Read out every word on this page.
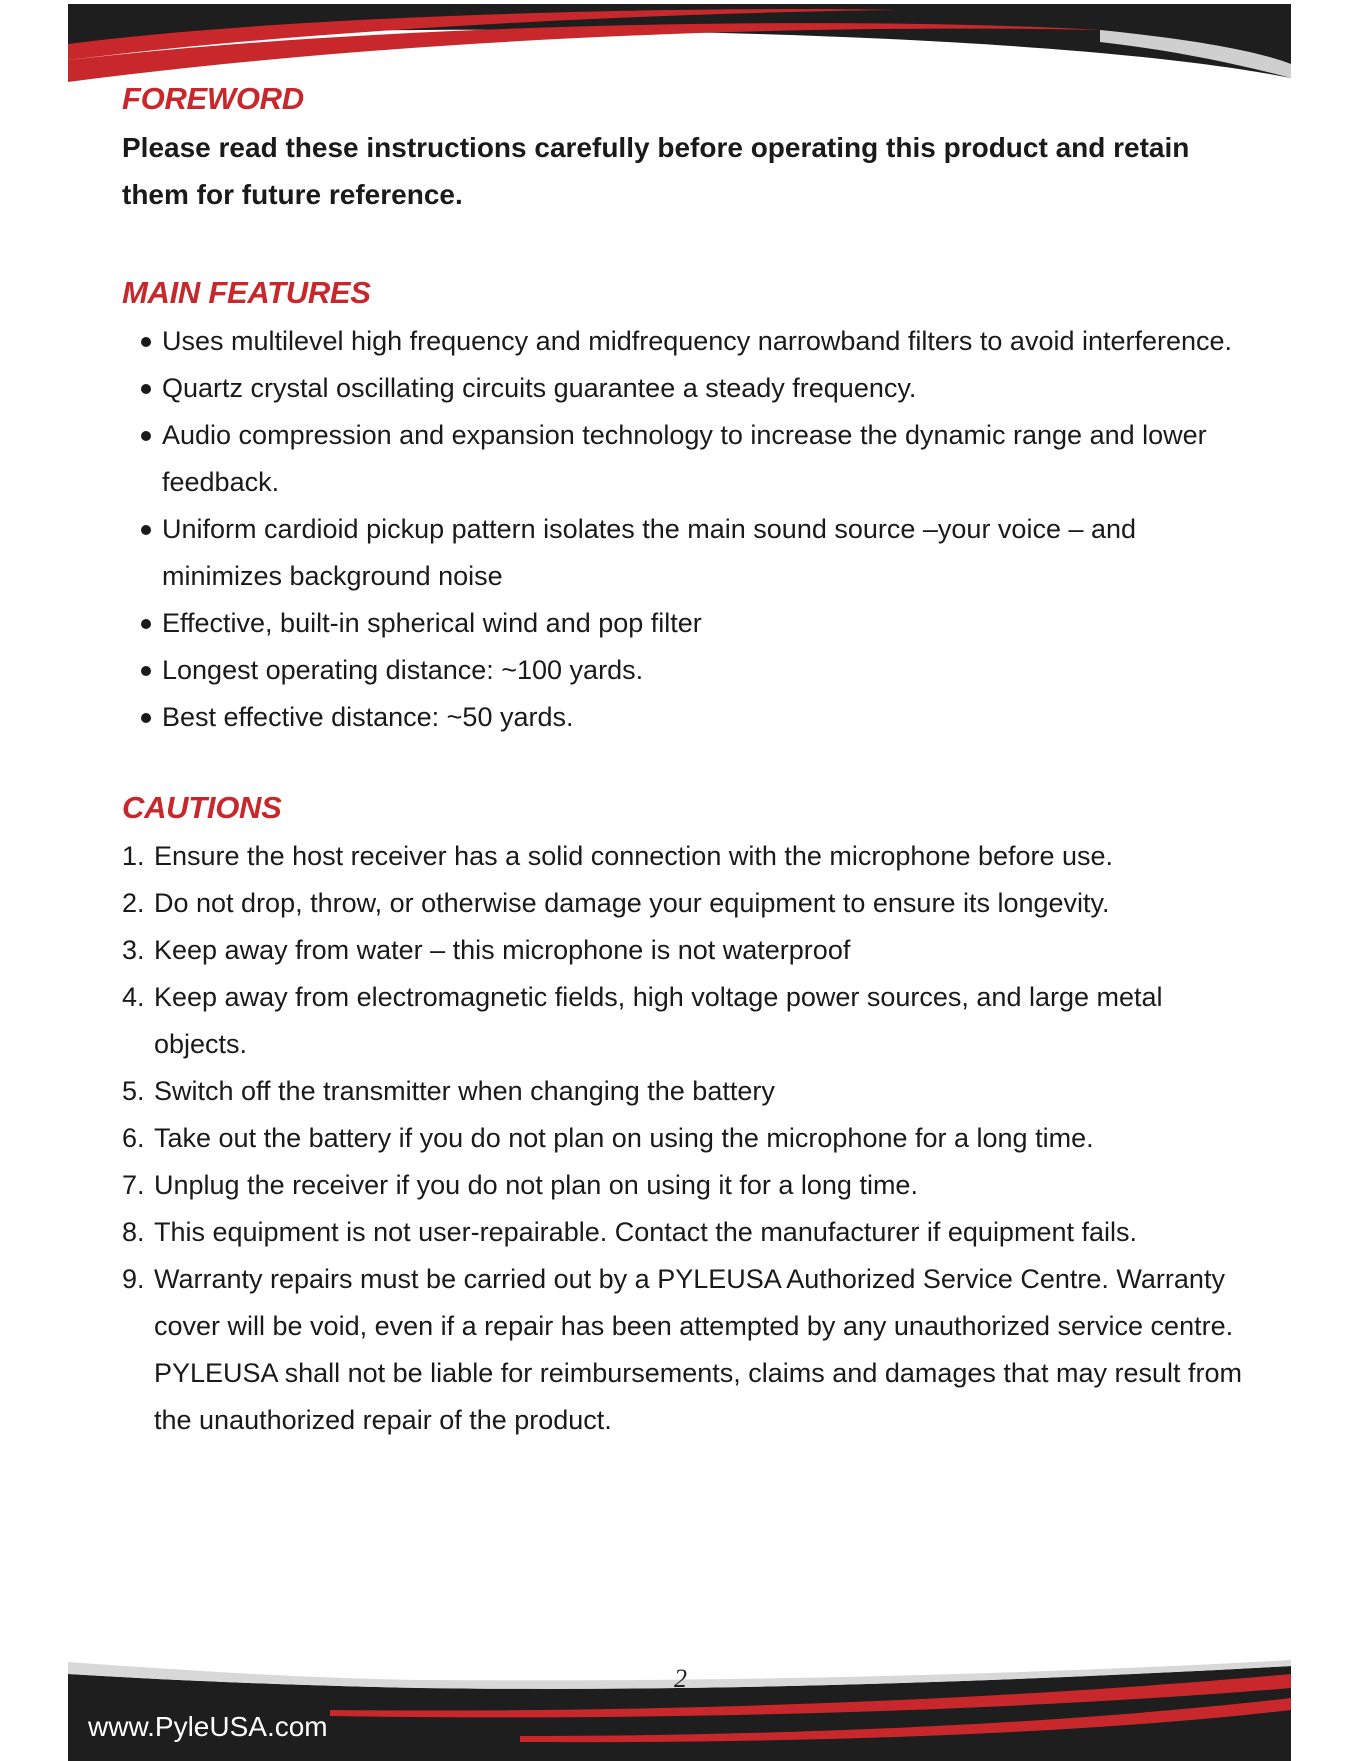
FOREWORD

Please read these instructions carefully before operating this product and retain them for future reference.

MAIN FEATURES
Uses multilevel high frequency and midfrequency narrowband filters to avoid interference.
Quartz crystal oscillating circuits guarantee a steady frequency.
Audio compression and expansion technology to increase the dynamic range and lower feedback.
Uniform cardioid pickup pattern isolates the main sound source –your voice – and minimizes background noise
Effective, built-in spherical wind and pop filter
Longest operating distance: ~100 yards.
Best effective distance: ~50 yards.
CAUTIONS
1. Ensure the host receiver has a solid connection with the microphone before use.
2. Do not drop, throw, or otherwise damage your equipment to ensure its longevity.
3. Keep away from water – this microphone is not waterproof
4. Keep away from electromagnetic fields, high voltage power sources, and large metal objects.
5. Switch off the transmitter when changing the battery
6. Take out the battery if you do not plan on using the microphone for a long time.
7. Unplug the receiver if you do not plan on using it for a long time.
8. This equipment is not user-repairable. Contact the manufacturer if equipment fails.
9. Warranty repairs must be carried out by a PYLEUSA Authorized Service Centre. Warranty cover will be void, even if a repair has been attempted by any unauthorized service centre. PYLEUSA shall not be liable for reimbursements, claims and damages that may result from the unauthorized repair of the product.
2
www.PyleUSA.com
